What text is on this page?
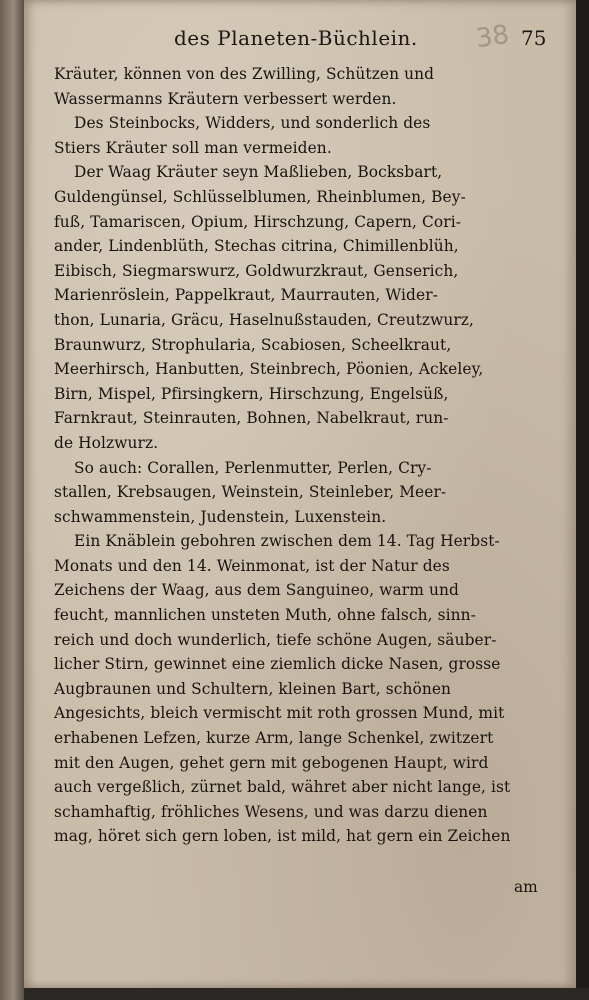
des Planeten-Büchlein. 38 75
Kräuter, können von des Zwilling, Schützen und
Wassermanns Kräutern verbessert werden.
Des Steinbocks, Widders, und sonderlich des
Stiers Kräuter soll man vermeiden.
Der Waag Kräuter seyn Maßlieben, Bocksbart,
Guldengünsel, Schlüsselblumen, Rheinblumen, Bey-
fuß, Tamariscen, Opium, Hirschzung, Capern, Cori-
ander, Lindenblüth, Stechas citrina, Chimillenblüh,
Eibisch, Siegmarswurz, Goldwurzkraut, Genserich,
Marienröslein, Pappelkraut, Maurrauten, Wider-
thon, Lunaria, Gräcu, Haselnußstauden, Creutzwurz,
Braunwurz, Strophularia, Scabiosen, Scheelkraut,
Meerhirsch, Hanbutten, Steinbrech, Pöonien, Ackeley,
Birn, Mispel, Pfirsingkern, Hirschzung, Engelsüß,
Farnkraut, Steinrauten, Bohnen, Nabelkraut, run-
de Holzwurz.
So auch: Corallen, Perlenmutter, Perlen, Cry-
stallen, Krebsaugen, Weinstein, Steinleber, Meer-
schwammenstein, Judenstein, Luxenstein.
Ein Knäblein gebohren zwischen dem 14. Tag Herbst-
Monats und den 14. Weinmonat, ist der Natur des
Zeichens der Waag, aus dem Sanguineo, warm und
feucht, mannlichen unsteten Muth, ohne falsch, sinn-
reich und doch wunderlich, tiefe schöne Augen, säuber-
licher Stirn, gewinnet eine ziemlich dicke Nasen, grosse
Augbraunen und Schultern, kleinen Bart, schönen
Angesichts, bleich vermischt mit roth grossen Mund, mit
erhabenen Lefzen, kurze Arm, lange Schenkel, zwitzert
mit den Augen, gehet gern mit gebogenen Haupt, wird
auch vergeßlich, zürnet bald, währet aber nicht lange, ist
schamhaftig, fröhliches Wesens, und was darzu dienen
mag, höret sich gern loben, ist mild, hat gern ein Zeichen
am
